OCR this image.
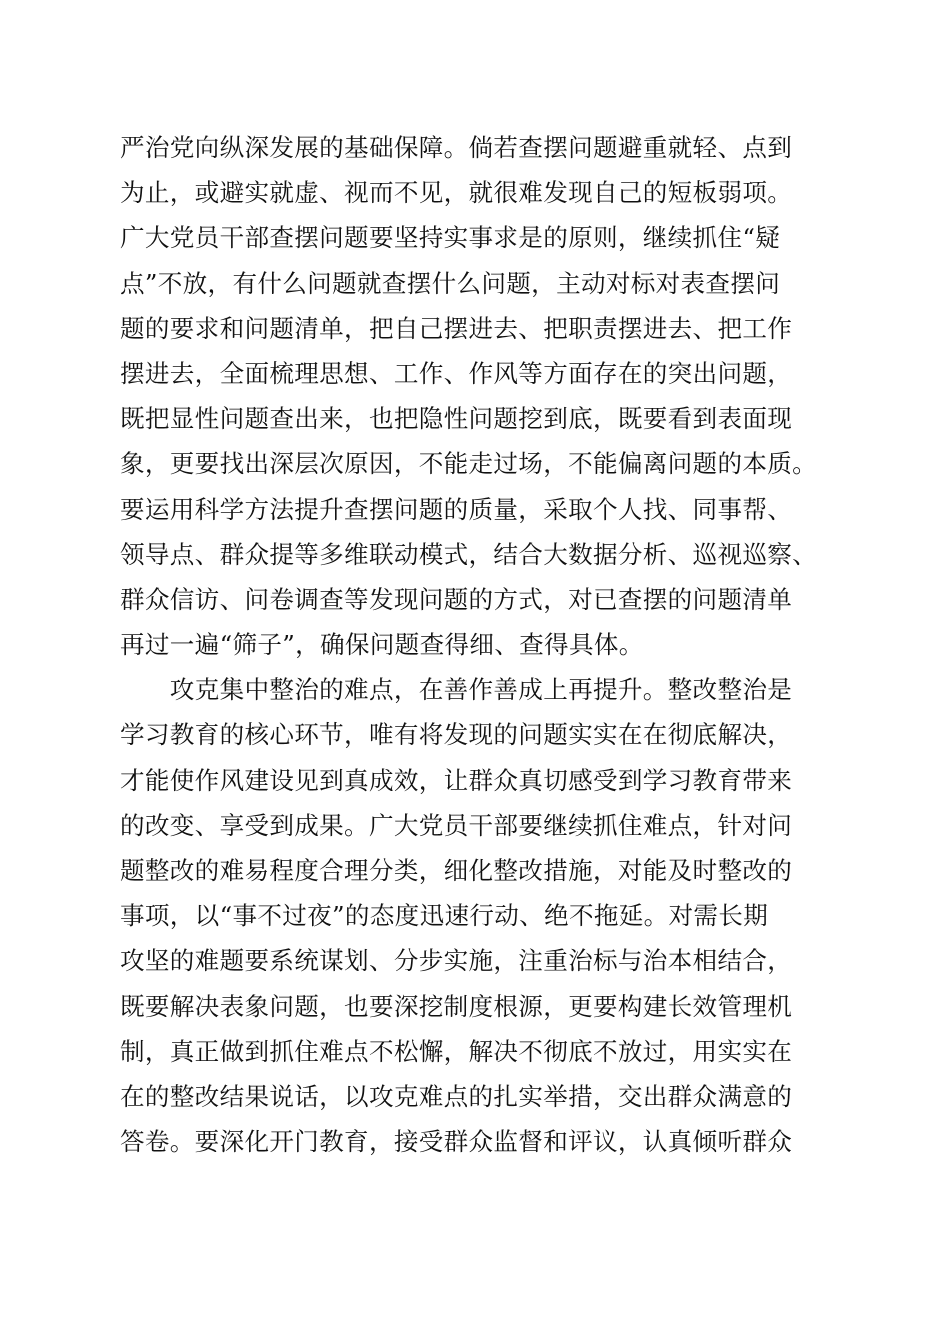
严治党向纵深发展的基础保障。倘若查摆问题避重就轻、点到
为止，或避实就虚、视而不见，就很难发现自己的短板弱项。
广大党员干部查摆问题要坚持实事求是的原则，继续抓住“疑
点”不放，有什么问题就查摆什么问题，主动对标对表查摆问
题的要求和问题清单，把自己摆进去、把职责摆进去、把工作
摆进去，全面梳理思想、工作、作风等方面存在的突出问题，
既把显性问题查出来，也把隐性问题挖到底，既要看到表面现
象，更要找出深层次原因，不能走过场，不能偏离问题的本质。
要运用科学方法提升查摆问题的质量，采取个人找、同事帮、
领导点、群众提等多维联动模式，结合大数据分析、巡视巡察、
群众信访、问卷调查等发现问题的方式，对已查摆的问题清单
再过一遍“筛子”，确保问题查得细、查得具体。
　　攻克集中整治的难点，在善作善成上再提升。整改整治是
学习教育的核心环节，唯有将发现的问题实实在在彻底解决，
才能使作风建设见到真成效，让群众真切感受到学习教育带来
的改变、享受到成果。广大党员干部要继续抓住难点，针对问
题整改的难易程度合理分类，细化整改措施，对能及时整改的
事项，以“事不过夜”的态度迅速行动、绝不拖延。对需长期
攻坚的难题要系统谋划、分步实施，注重治标与治本相结合，
既要解决表象问题，也要深挖制度根源，更要构建长效管理机
制，真正做到抓住难点不松懈，解决不彻底不放过，用实实在
在的整改结果说话，以攻克难点的扎实举措，交出群众满意的
答卷。要深化开门教育，接受群众监督和评议，认真倾听群众
